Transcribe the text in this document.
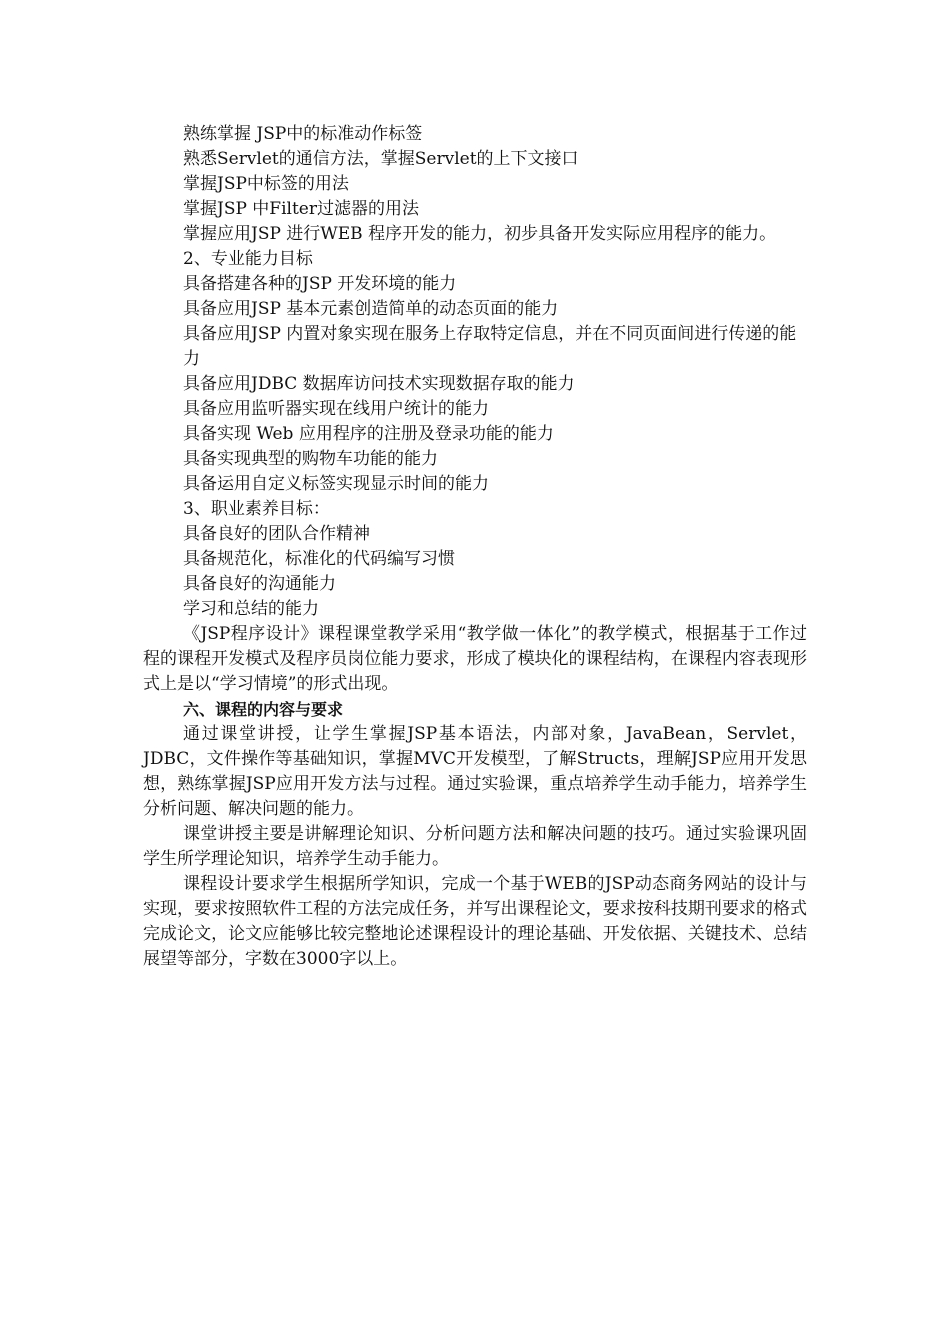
熟练掌握 JSP中的标准动作标签
熟悉Servlet的通信方法，掌握Servlet的上下文接口
掌握JSP中标签的用法
掌握JSP 中Filter过滤器的用法

掌握应用JSP 进行WEB 程序开发的能力，初步具备开发实际应用程序的能力。

2、专业能力目标
具备搭建各种的JSP 开发环境的能力
具备应用JSP 基本元素创造简单的动态页面的能力
具备应用JSP 内置对象实现在服务上存取特定信息，并在不同页面间进行传递的能力
具备应用JDBC 数据库访问技术实现数据存取的能力
具备应用监听器实现在线用户统计的能力
具备实现 Web 应用程序的注册及登录功能的能力
具备实现典型的购物车功能的能力
具备运用自定义标签实现显示时间的能力
3、职业素养目标：
具备良好的团队合作精神
具备规范化，标准化的代码编写习惯
具备良好的沟通能力
学习和总结的能力

《JSP程序设计》课程课堂教学采用“教学做一体化”的教学模式，根据基于工作过程的课程开发模式及程序员岗位能力要求，形成了模块化的课程结构，在课程内容表现形式上是以“学习情境”的形式出现。

六、课程的内容与要求

通过课堂讲授，让学生掌握JSP基本语法，内部对象，JavaBean，Servlet，JDBC，文件操作等基础知识，掌握MVC开发模型，了解Structs，理解JSP应用开发思想，熟练掌握JSP应用开发方法与过程。通过实验课，重点培养学生动手能力，培养学生分析问题、解决问题的能力。

课堂讲授主要是讲解理论知识、分析问题方法和解决问题的技巧。通过实验课巩固学生所学理论知识，培养学生动手能力。

课程设计要求学生根据所学知识，完成一个基于WEB的JSP动态商务网站的设计与实现，要求按照软件工程的方法完成任务，并写出课程论文，要求按科技期刊要求的格式完成论文，论文应能够比较完整地论述课程设计的理论基础、开发依据、关键技术、总结展望等部分，字数在3000字以上。
